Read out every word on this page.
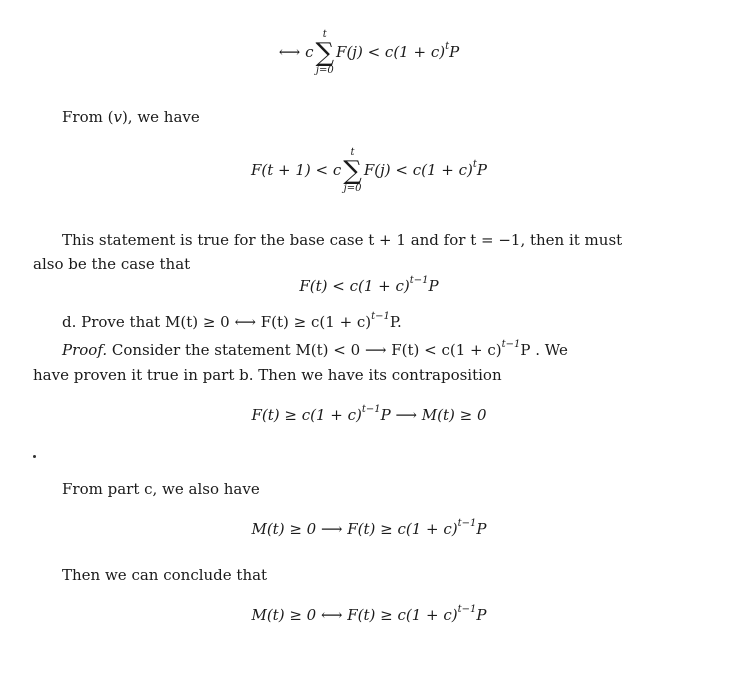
⟷ c
t
∑
j=0
$F(j) < c(1 + c)^tP$
From (v), we have
F(t + 1) < c
t
∑
j=0
$F(j) < c(1 + c)^tP$
This statement is true for the base case t + 1 and for t = −1, then it must
also be the case that
$F(t) < c(1 + c)^{t-1}P$
d. Prove that M(t) ≥ 0 ⟷ $F(t) \ge c(1 + c)^{t-1}P$.
Proof. Consider the statement M(t) < 0 ⟶ $F(t) < c(1 + c)^{t-1}P$ . We
have proven it true in part b. Then we have its contraposition
$F(t) \ge c(1 + c)^{t-1}P$ ⟶ M(t) ≥ 0
From part c, we also have
M(t) ≥ 0 ⟶ $F(t) \ge c(1 + c)^{t-1}P$
Then we can conclude that
M(t) ≥ 0 ⟷ $F(t) \ge c(1 + c)^{t-1}P$
